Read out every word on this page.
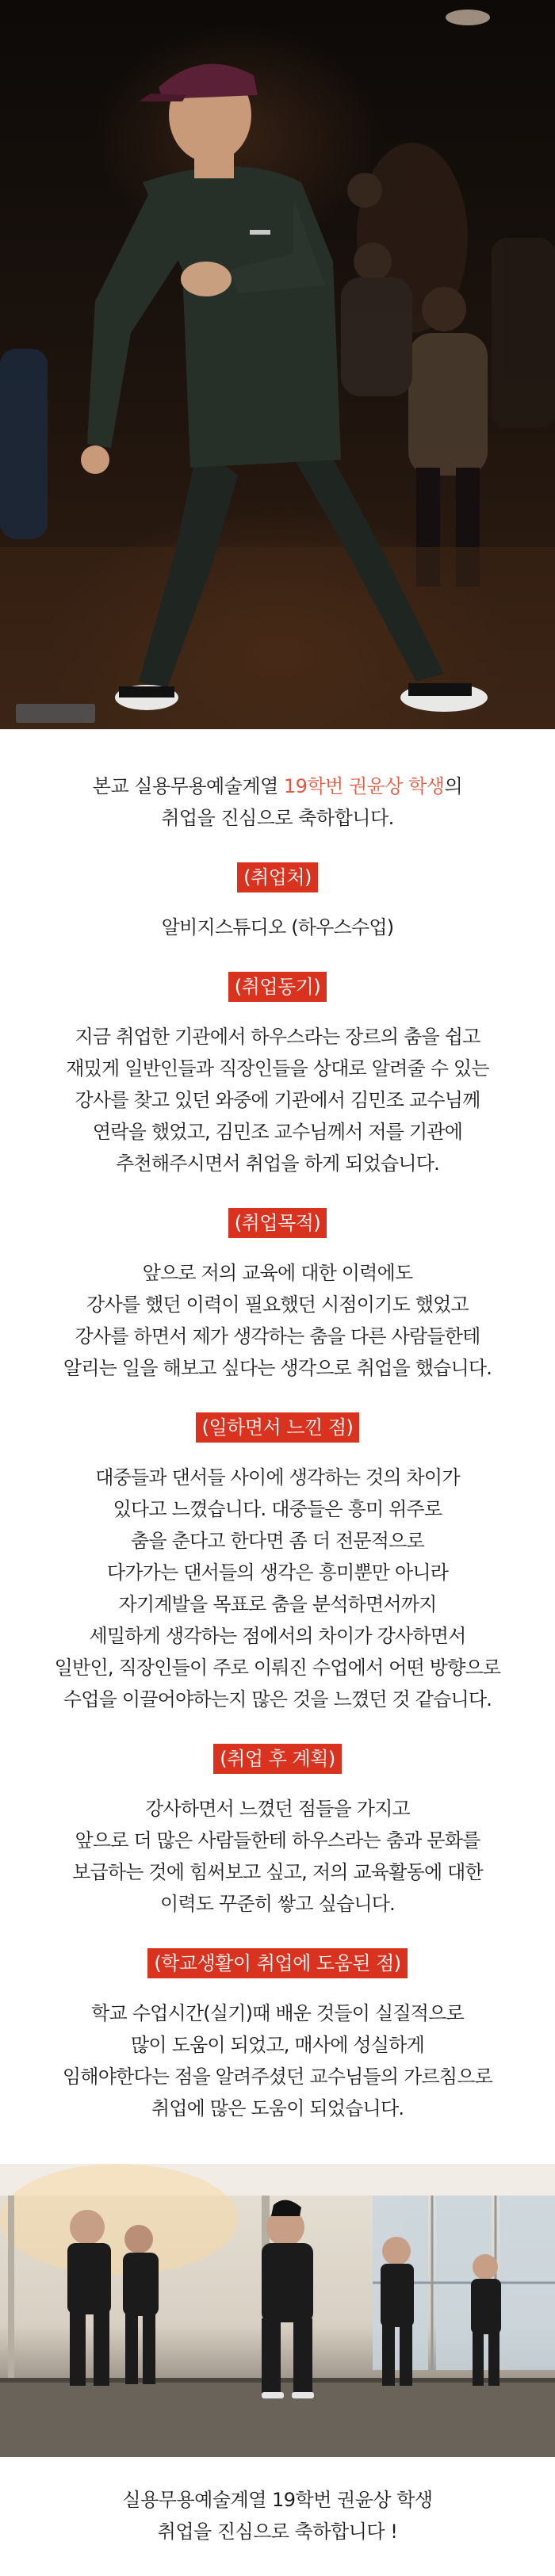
본교 실용무용예술계열 19학번 권윤상 학생의
취업을 진심으로 축하합니다.

(취업처)

알비지스튜디오 (하우스수업)

(취업동기)

지금 취업한 기관에서 하우스라는 장르의 춤을 쉽고
재밌게 일반인들과 직장인들을 상대로 알려줄 수 있는
강사를 찾고 있던 와중에 기관에서 김민조 교수님께
연락을 했었고, 김민조 교수님께서 저를 기관에
추천해주시면서 취업을 하게 되었습니다.

(취업목적)

앞으로 저의 교육에 대한 이력에도
강사를 했던 이력이 필요했던 시점이기도 했었고
강사를 하면서 제가 생각하는 춤을 다른 사람들한테
알리는 일을 해보고 싶다는 생각으로 취업을 했습니다.

(일하면서 느낀 점)

대중들과 댄서들 사이에 생각하는 것의 차이가
있다고 느꼈습니다. 대중들은 흥미 위주로
춤을 춘다고 한다면 좀 더 전문적으로
다가가는 댄서들의 생각은 흥미뿐만 아니라
자기계발을 목표로 춤을 분석하면서까지
세밀하게 생각하는 점에서의 차이가 강사하면서
일반인, 직장인들이 주로 이뤄진 수업에서 어떤 방향으로
수업을 이끌어야하는지 많은 것을 느꼈던 것 같습니다.

(취업 후 계획)

강사하면서 느꼈던 점들을 가지고
앞으로 더 많은 사람들한테 하우스라는 춤과 문화를
보급하는 것에 힘써보고 싶고, 저의 교육활동에 대한
이력도 꾸준히 쌓고 싶습니다.

(학교생활이 취업에 도움된 점)

학교 수업시간(실기)때 배운 것들이 실질적으로
많이 도움이 되었고, 매사에 성실하게
임해야한다는 점을 알려주셨던 교수님들의 가르침으로
취업에 많은 도움이 되었습니다.

실용무용예술계열 19학번 권윤상 학생
취업을 진심으로 축하합니다 !
